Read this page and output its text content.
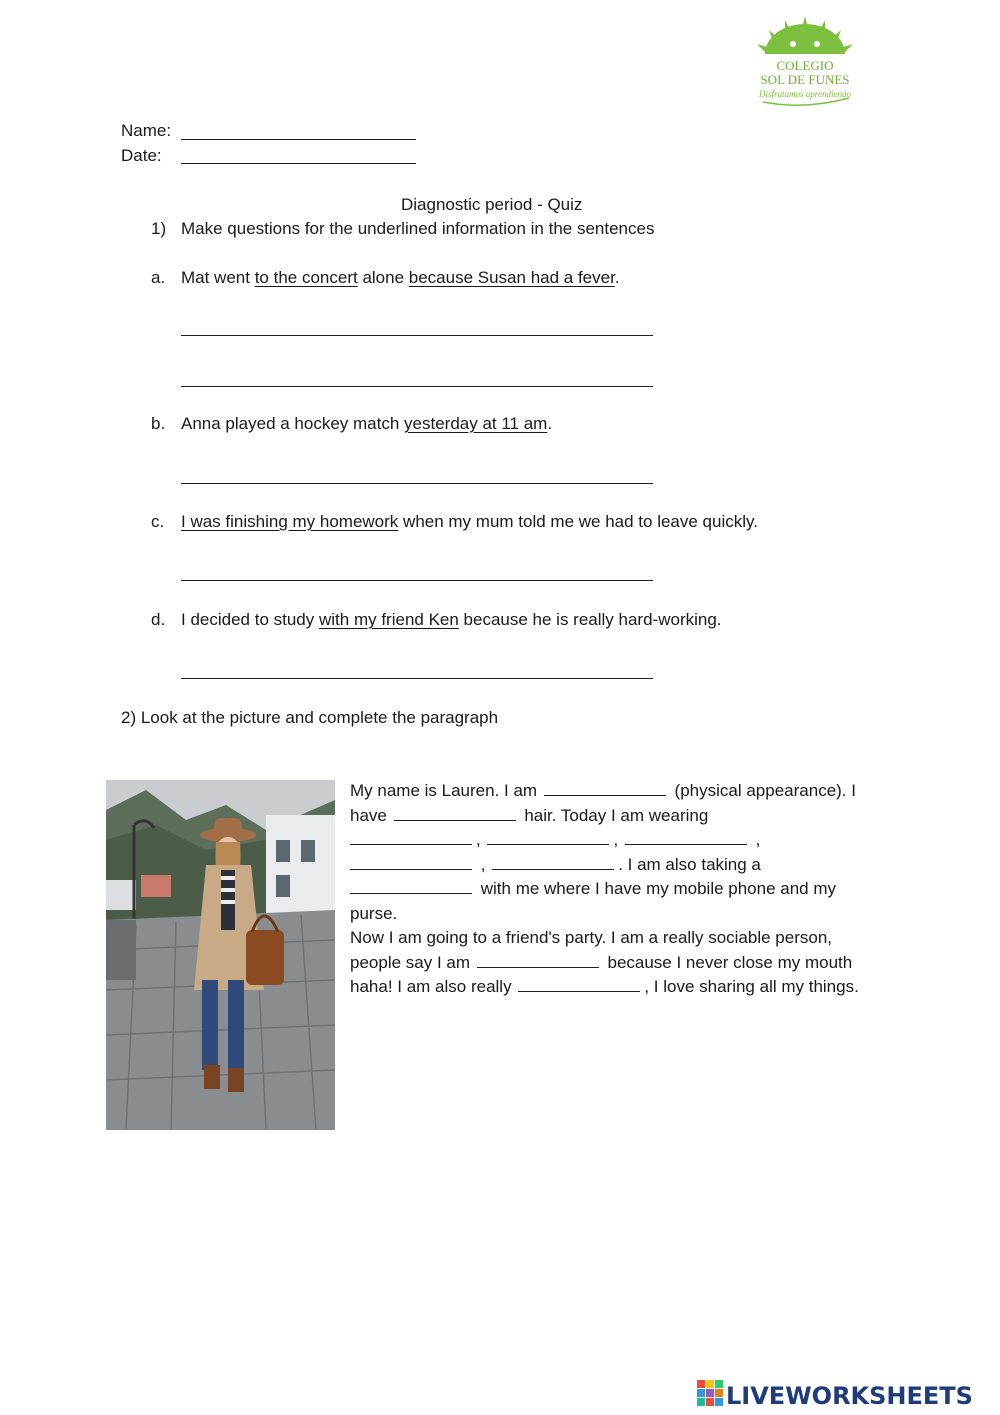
COLEGIO
SOL DE FUNES
Disfrutamos aprendiendo
Name:
Date:
Diagnostic period - Quiz
1) Make questions for the underlined information in the sentences
a. Mat went to the concert alone because Susan had a fever.
b. Anna played a hockey match yesterday at 11 am.
c. I was finishing my homework when my mum told me we had to leave quickly.
d. I decided to study with my friend Ken because he is really hard-working.
2) Look at the picture and complete the paragraph
My name is Lauren. I am	(physical appearance). I have	hair. Today I am wearing
,	,	,
,	. I am also taking a
with me where I have my mobile phone and my purse.
Now I am going to a friend's party. I am a really sociable person, people say I am	because I never close my mouth haha! I am also really	, I love sharing all my things.
LIVEWORKSHEETS
